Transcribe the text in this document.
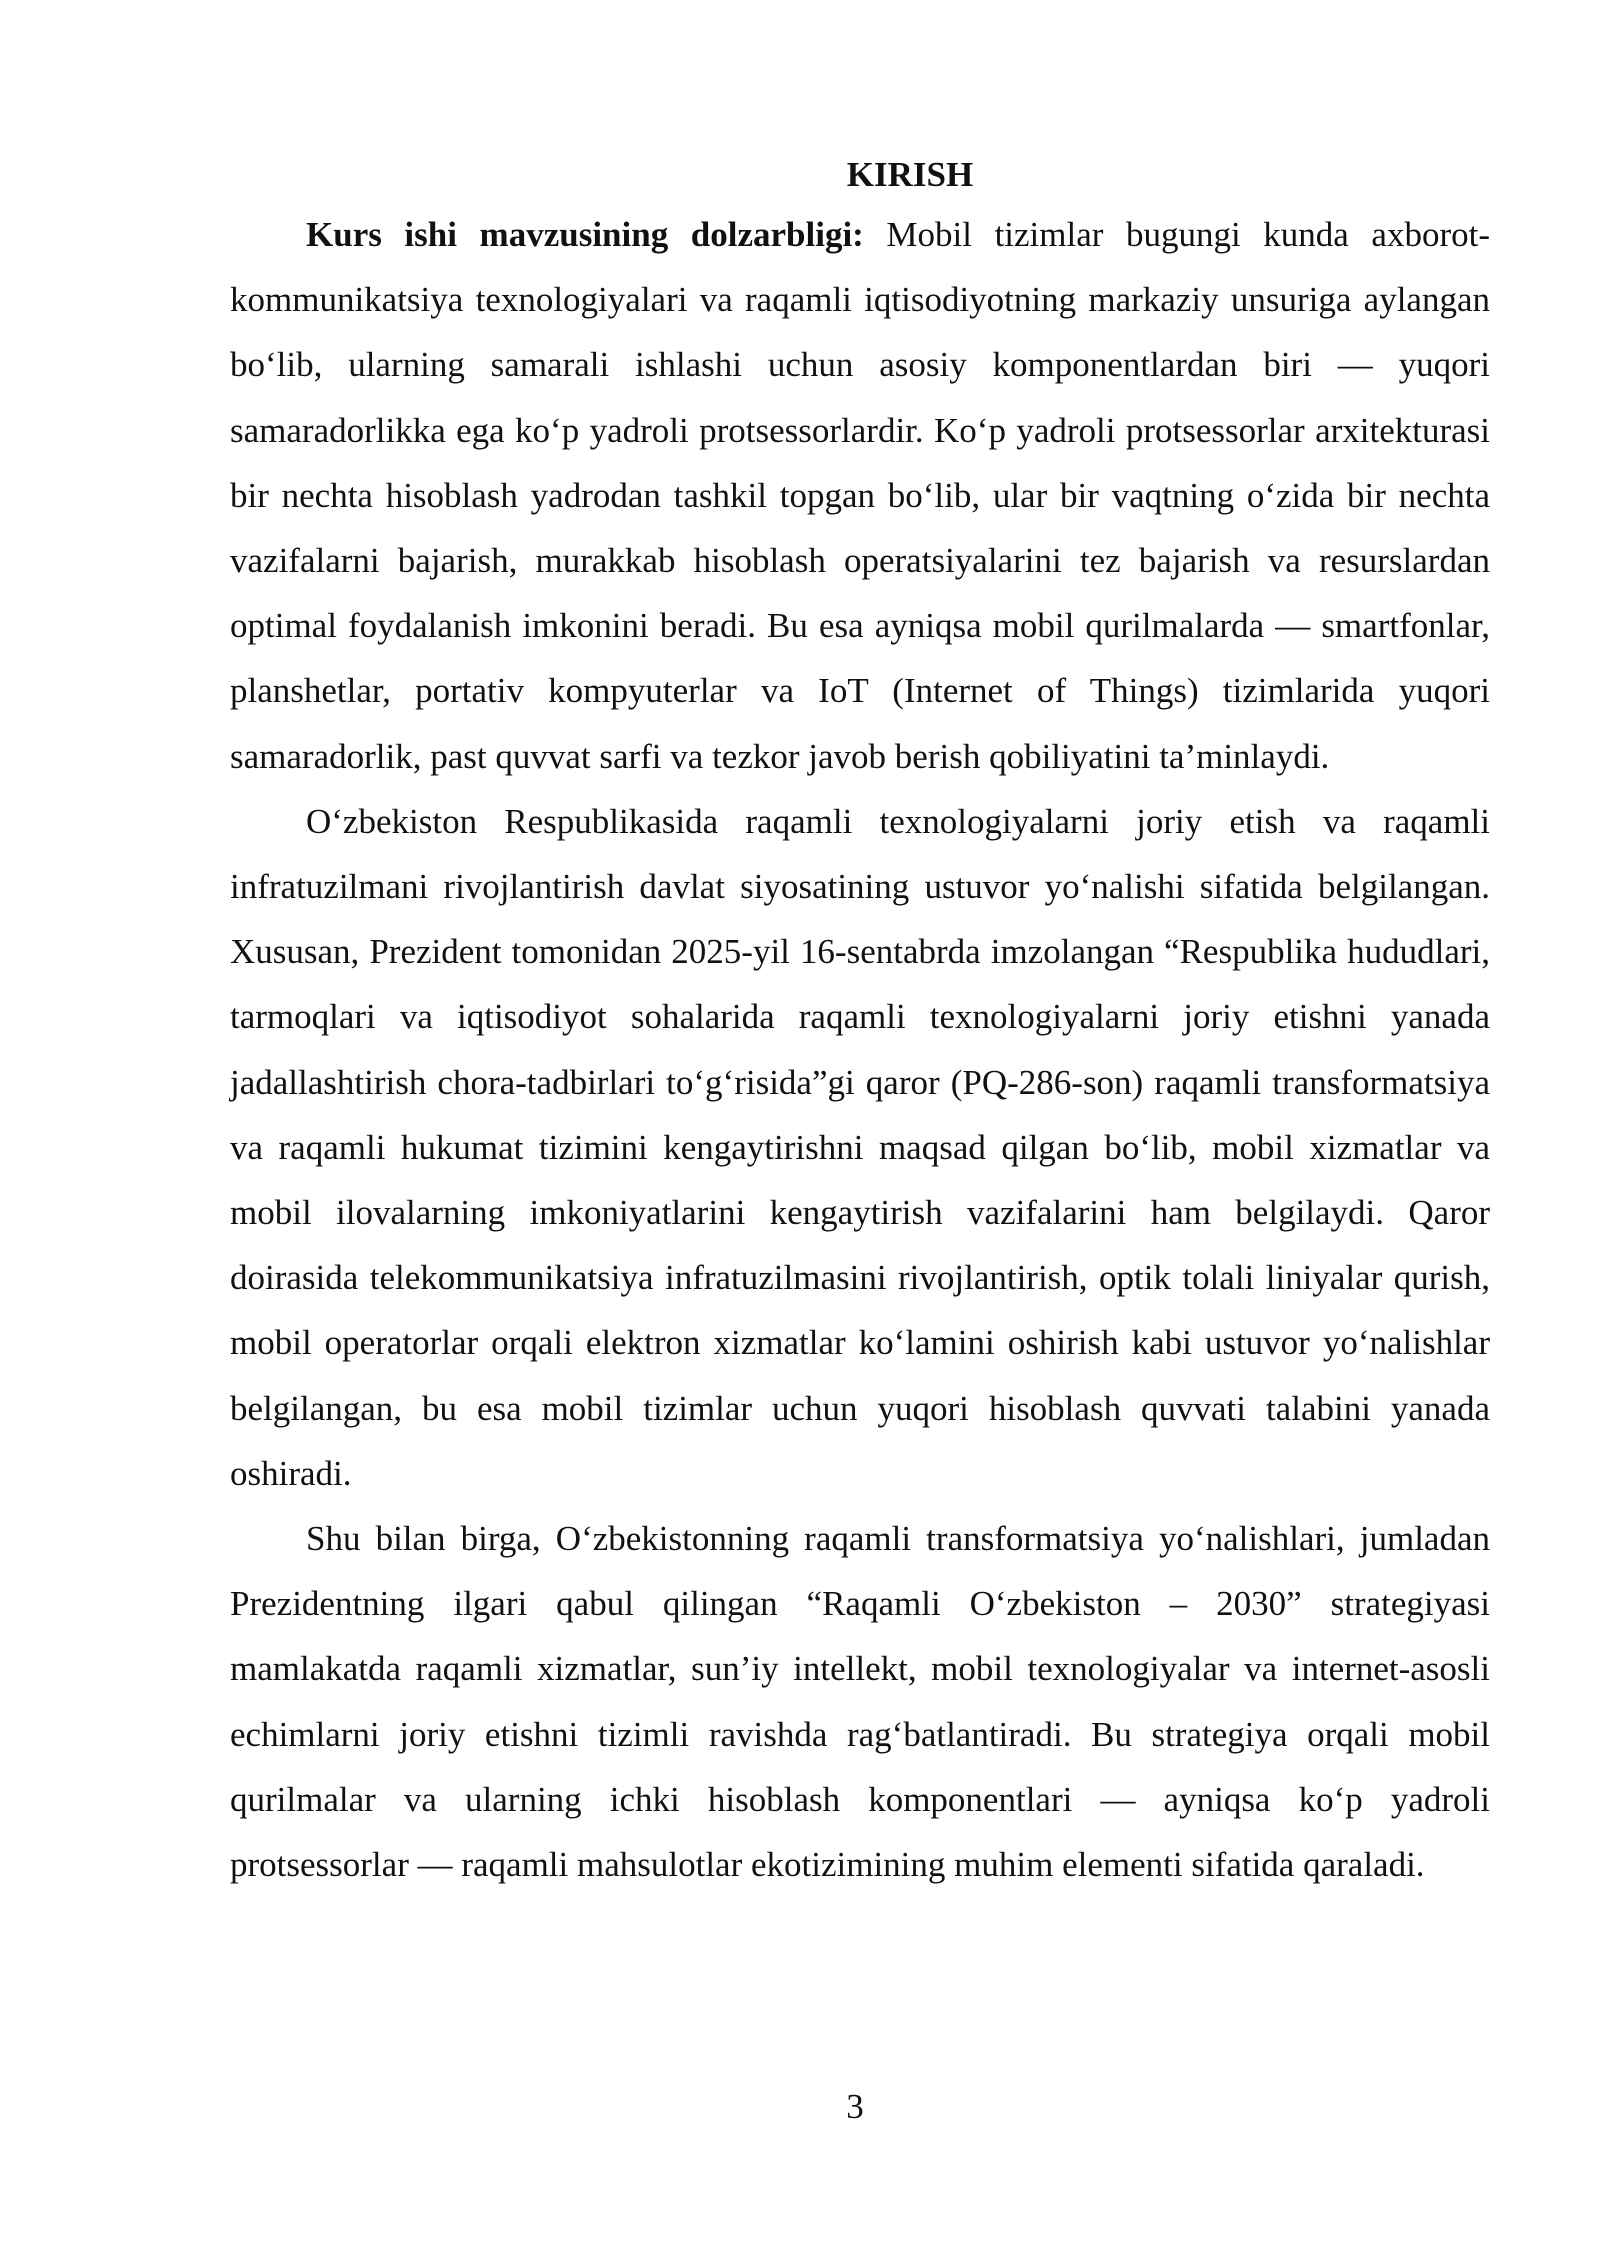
KIRISH

Kurs ishi mavzusining dolzarbligi: Mobil tizimlar bugungi kunda axborot-kommunikatsiya texnologiyalari va raqamli iqtisodiyotning markaziy unsuriga aylangan bo‘lib, ularning samarali ishlashi uchun asosiy komponentlardan biri — yuqori samaradorlikka ega ko‘p yadroli protsessorlardir. Ko‘p yadroli protsessorlar arxitekturasi bir nechta hisoblash yadrodan tashkil topgan bo‘lib, ular bir vaqtning o‘zida bir nechta vazifalarni bajarish, murakkab hisoblash operatsiyalarini tez bajarish va resurslardan optimal foydalanish imkonini beradi. Bu esa ayniqsa mobil qurilmalarda — smartfonlar, planshetlar, portativ kompyuterlar va IoT (Internet of Things) tizimlarida yuqori samaradorlik, past quvvat sarfi va tezkor javob berish qobiliyatini ta’minlaydi.

O‘zbekiston Respublikasida raqamli texnologiyalarni joriy etish va raqamli infratuzilmani rivojlantirish davlat siyosatining ustuvor yo‘nalishi sifatida belgilangan. Xususan, Prezident tomonidan 2025-yil 16-sentabrda imzolangan “Respublika hududlari, tarmoqlari va iqtisodiyot sohalarida raqamli texnologiyalarni joriy etishni yanada jadallashtirish chora-tadbirlari to‘g‘risida”gi qaror (PQ-286-son) raqamli transformatsiya va raqamli hukumat tizimini kengaytirishni maqsad qilgan bo‘lib, mobil xizmatlar va mobil ilovalarning imkoniyatlarini kengaytirish vazifalarini ham belgilaydi. Qaror doirasida telekommunikatsiya infratuzilmasini rivojlantirish, optik tolali liniyalar qurish, mobil operatorlar orqali elektron xizmatlar ko‘lamini oshirish kabi ustuvor yo‘nalishlar belgilangan, bu esa mobil tizimlar uchun yuqori hisoblash quvvati talabini yanada oshiradi.

Shu bilan birga, O‘zbekistonning raqamli transformatsiya yo‘nalishlari, jumladan Prezidentning ilgari qabul qilingan “Raqamli O‘zbekiston – 2030” strategiyasi mamlakatda raqamli xizmatlar, sun’iy intellekt, mobil texnologiyalar va internet-asosli echimlarni joriy etishni tizimli ravishda rag‘batlantiradi. Bu strategiya orqali mobil qurilmalar va ularning ichki hisoblash komponentlari — ayniqsa ko‘p yadroli protsessorlar — raqamli mahsulotlar ekotizimining muhim elementi sifatida qaraladi.

3
